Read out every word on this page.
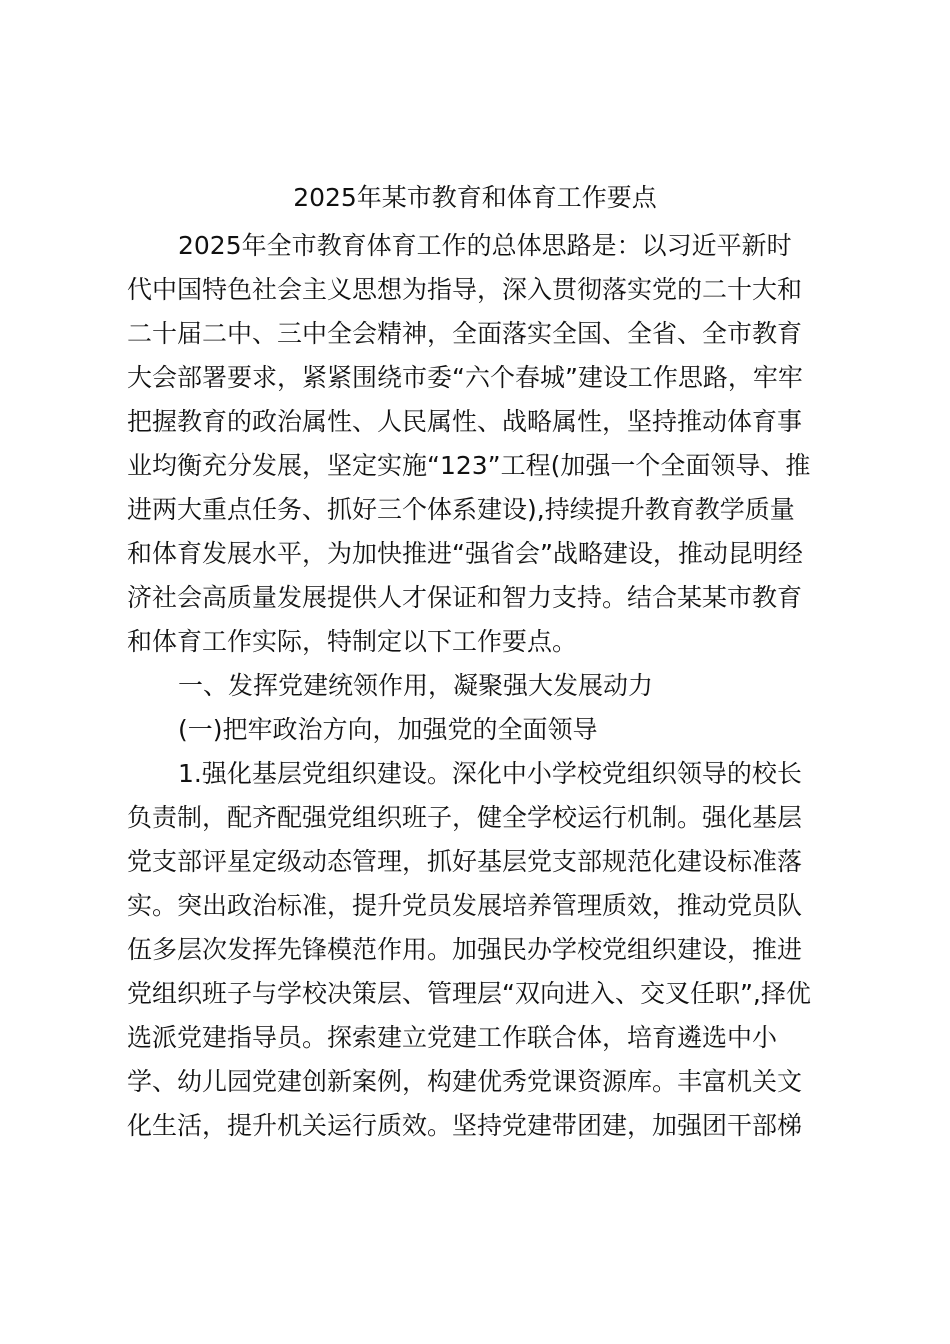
2025年某市教育和体育工作要点

2025年全市教育体育工作的总体思路是：以习近平新时

代中国特色社会主义思想为指导，深入贯彻落实党的二十大和

二十届二中、三中全会精神，全面落实全国、全省、全市教育

大会部署要求，紧紧围绕市委“六个春城”建设工作思路，牢牢

把握教育的政治属性、人民属性、战略属性，坚持推动体育事

业均衡充分发展，坚定实施“123”工程(加强一个全面领导、推

进两大重点任务、抓好三个体系建设),持续提升教育教学质量

和体育发展水平，为加快推进“强省会”战略建设，推动昆明经

济社会高质量发展提供人才保证和智力支持。结合某某市教育

和体育工作实际，特制定以下工作要点。

一、发挥党建统领作用，凝聚强大发展动力

(一)把牢政治方向，加强党的全面领导

1.强化基层党组织建设。深化中小学校党组织领导的校长

负责制，配齐配强党组织班子，健全学校运行机制。强化基层

党支部评星定级动态管理，抓好基层党支部规范化建设标准落

实。突出政治标准，提升党员发展培养管理质效，推动党员队

伍多层次发挥先锋模范作用。加强民办学校党组织建设，推进

党组织班子与学校决策层、管理层“双向进入、交叉任职”,择优

选派党建指导员。探索建立党建工作联合体，培育遴选中小

学、幼儿园党建创新案例，构建优秀党课资源库。丰富机关文

化生活，提升机关运行质效。坚持党建带团建，加强团干部梯
